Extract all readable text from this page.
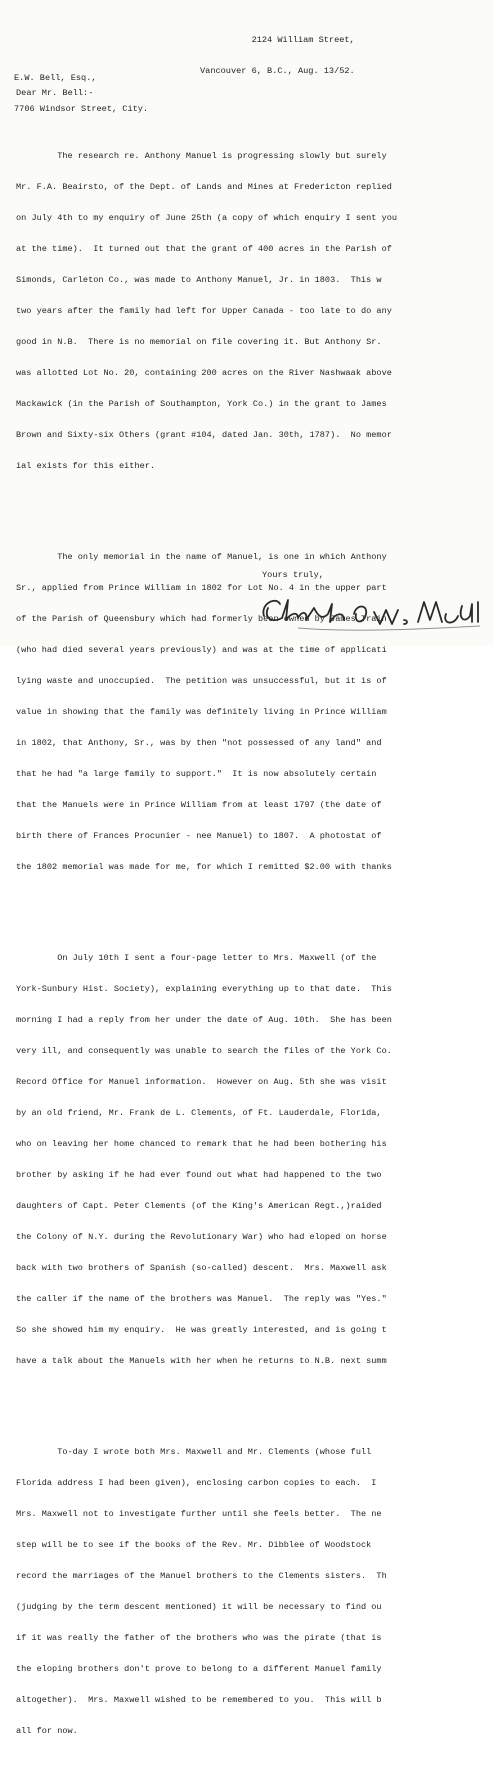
2124 William Street,

Vancouver 6, B.C., Aug. 13/52.

E.W. Bell, Esq.,

7706 Windsor Street, City.

Dear Mr. Bell:-

The research re. Anthony Manuel is progressing slowly but surely

Mr. F.A. Beairsto, of the Dept. of Lands and Mines at Fredericton replied

on July 4th to my enquiry of June 25th (a copy of which enquiry I sent you

at the time).  It turned out that the grant of 400 acres in the Parish of

Simonds, Carleton Co., was made to Anthony Manuel, Jr. in 1803.  This w

two years after the family had left for Upper Canada - too late to do any

good in N.B.  There is no memorial on file covering it. But Anthony Sr.

was allotted Lot No. 20, containing 200 acres on the River Nashwaak above

Mackawick (in the Parish of Southampton, York Co.) in the grant to James

Brown and Sixty-six Others (grant #104, dated Jan. 30th, 1787).  No memor

ial exists for this either.

The only memorial in the name of Manuel, is one in which Anthony

Sr., applied from Prince William in 1802 for Lot No. 4 in the upper part

of the Parish of Queensbury which had formerly been owned by James Train

(who had died several years previously) and was at the time of applicati

lying waste and unoccupied.  The petition was unsuccessful, but it is of

value in showing that the family was definitely living in Prince William

in 1802, that Anthony, Sr., was by then "not possessed of any land" and

that he had "a large family to support."  It is now absolutely certain

that the Manuels were in Prince William from at least 1797 (the date of

birth there of Frances Procunier - nee Manuel) to 1807.  A photostat of

the 1802 memorial was made for me, for which I remitted $2.00 with thanks

On July 10th I sent a four-page letter to Mrs. Maxwell (of the

York-Sunbury Hist. Society), explaining everything up to that date.  This

morning I had a reply from her under the date of Aug. 10th.  She has been

very ill, and consequently was unable to search the files of the York Co.

Record Office for Manuel information.  However on Aug. 5th she was visit

by an old friend, Mr. Frank de L. Clements, of Ft. Lauderdale, Florida,

who on leaving her home chanced to remark that he had been bothering his

brother by asking if he had ever found out what had happened to the two

daughters of Capt. Peter Clements (of the King's American Regt.,)raided

the Colony of N.Y. during the Revolutionary War) who had eloped on horse

back with two brothers of Spanish (so-called) descent.  Mrs. Maxwell ask

the caller if the name of the brothers was Manuel.  The reply was "Yes."

So she showed him my enquiry.  He was greatly interested, and is going t

have a talk about the Manuels with her when he returns to N.B. next summ

To-day I wrote both Mrs. Maxwell and Mr. Clements (whose full

Florida address I had been given), enclosing carbon copies to each.  I

Mrs. Maxwell not to investigate further until she feels better.  The ne

step will be to see if the books of the Rev. Mr. Dibblee of Woodstock

record the marriages of the Manuel brothers to the Clements sisters.  Th

(judging by the term descent mentioned) it will be necessary to find ou

if it was really the father of the brothers who was the pirate (that is

the eloping brothers don't prove to belong to a different Manuel family

altogether).  Mrs. Maxwell wished to be remembered to you.  This will b

all for now.

Yours truly,
